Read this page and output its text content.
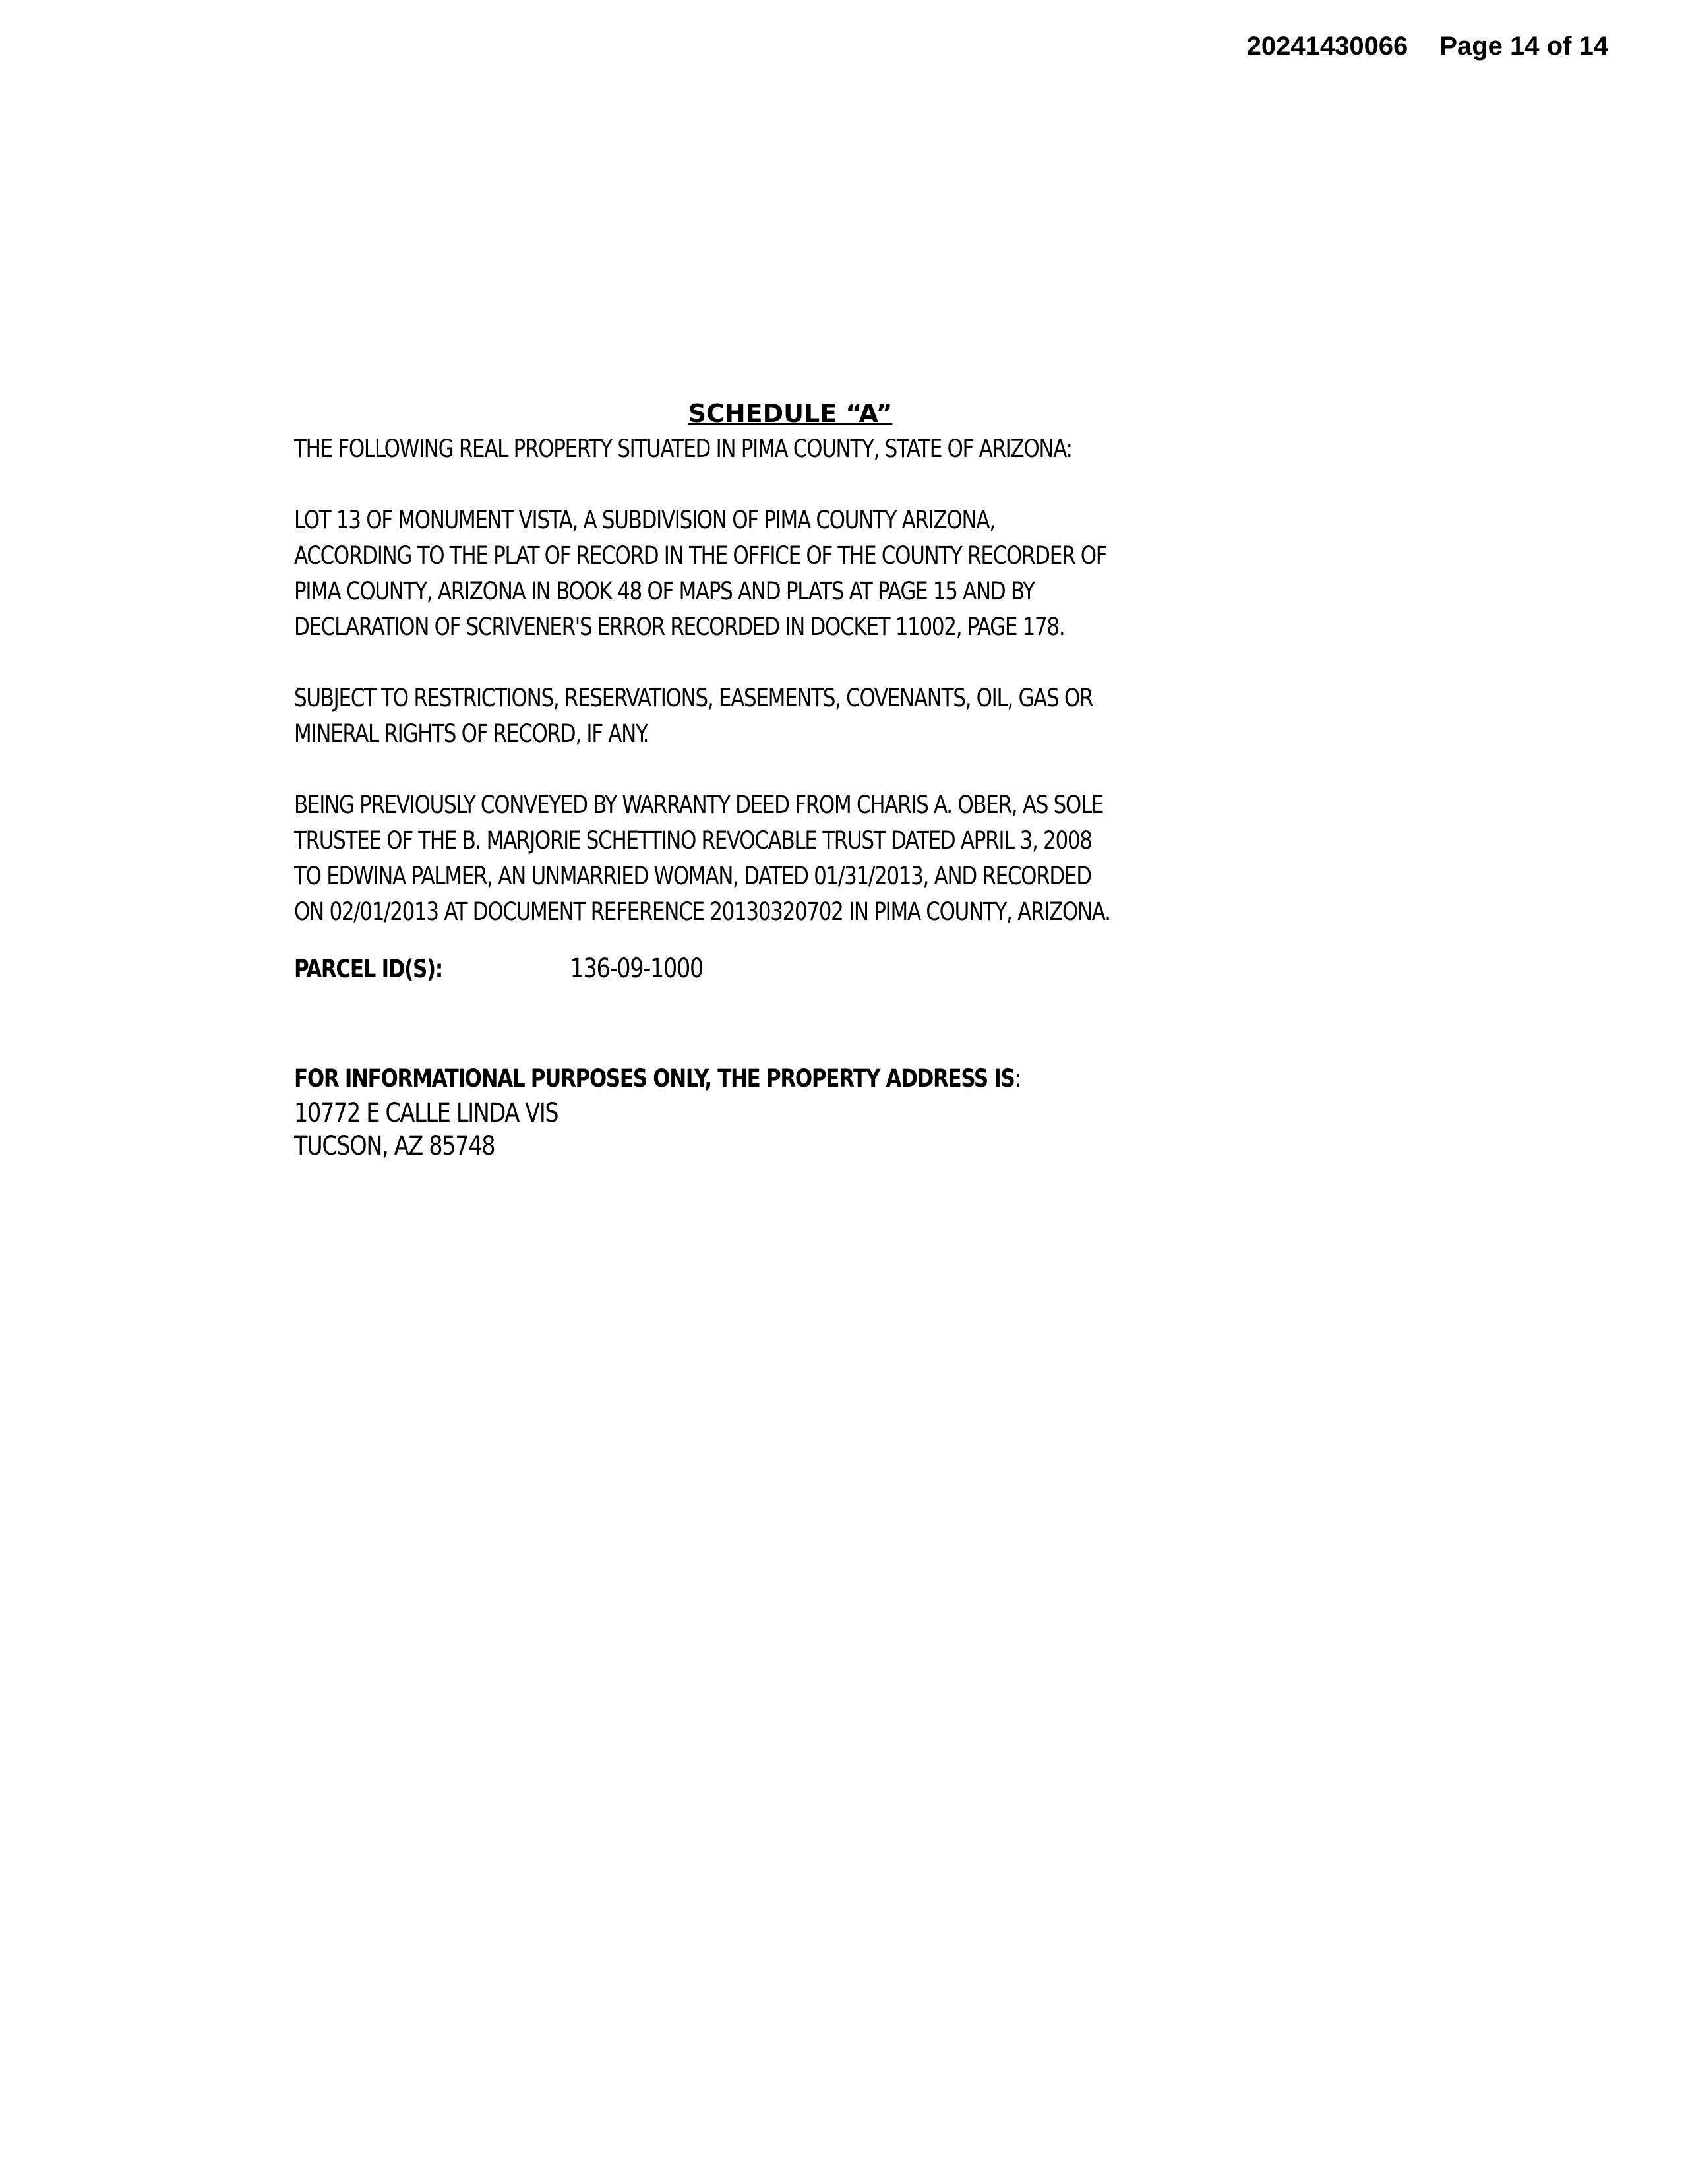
20241430066 Page 14 of 14
SCHEDULE “A”
THE FOLLOWING REAL PROPERTY SITUATED IN PIMA COUNTY, STATE OF ARIZONA:
LOT 13 OF MONUMENT VISTA, A SUBDIVISION OF PIMA COUNTY ARIZONA,
ACCORDING TO THE PLAT OF RECORD IN THE OFFICE OF THE COUNTY RECORDER OF
PIMA COUNTY, ARIZONA IN BOOK 48 OF MAPS AND PLATS AT PAGE 15 AND BY
DECLARATION OF SCRIVENER'S ERROR RECORDED IN DOCKET 11002, PAGE 178.
SUBJECT TO RESTRICTIONS, RESERVATIONS, EASEMENTS, COVENANTS, OIL, GAS OR
MINERAL RIGHTS OF RECORD, IF ANY.
BEING PREVIOUSLY CONVEYED BY WARRANTY DEED FROM CHARIS A. OBER, AS SOLE
TRUSTEE OF THE B. MARJORIE SCHETTINO REVOCABLE TRUST DATED APRIL 3, 2008
TO EDWINA PALMER, AN UNMARRIED WOMAN, DATED 01/31/2013, AND RECORDED
ON 02/01/2013 AT DOCUMENT REFERENCE 20130320702 IN PIMA COUNTY, ARIZONA.
PARCEL ID(S):	136-09-1000
FOR INFORMATIONAL PURPOSES ONLY, THE PROPERTY ADDRESS IS:
10772 E CALLE LINDA VIS
TUCSON, AZ 85748
